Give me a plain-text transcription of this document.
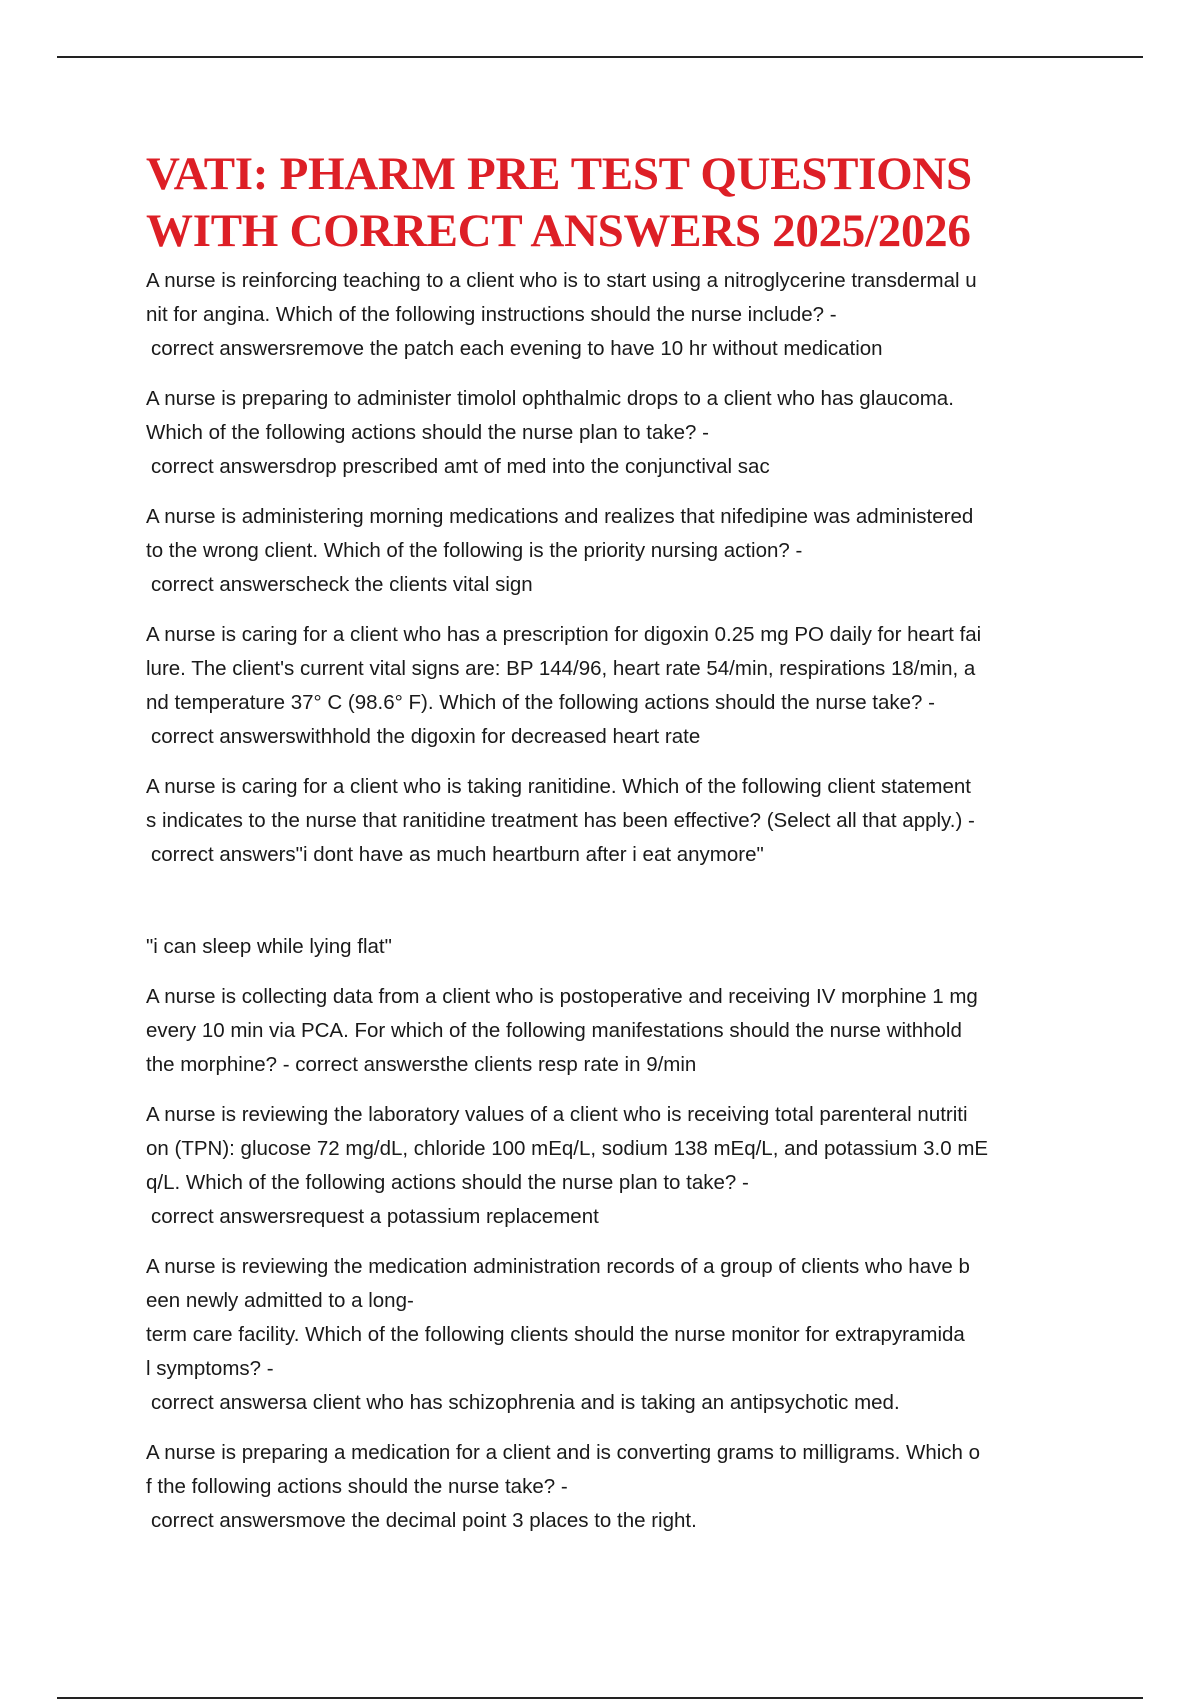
VATI: PHARM PRE TEST QUESTIONS
WITH CORRECT ANSWERS 2025/2026
A nurse is reinforcing teaching to a client who is to start using a nitroglycerine transdermal u
nit for angina. Which of the following instructions should the nurse include? -
correct answersremove the patch each evening to have 10 hr without medication
A nurse is preparing to administer timolol ophthalmic drops to a client who has glaucoma.
Which of the following actions should the nurse plan to take? -
correct answersdrop prescribed amt of med into the conjunctival sac
A nurse is administering morning medications and realizes that nifedipine was administered
to the wrong client. Which of the following is the priority nursing action? -
correct answerscheck the clients vital sign
A nurse is caring for a client who has a prescription for digoxin 0.25 mg PO daily for heart fai
lure. The client's current vital signs are: BP 144/96, heart rate 54/min, respirations 18/min, a
nd temperature 37° C (98.6° F). Which of the following actions should the nurse take? -
correct answerswithhold the digoxin for decreased heart rate
A nurse is caring for a client who is taking ranitidine. Which of the following client statement
s indicates to the nurse that ranitidine treatment has been effective? (Select all that apply.) -
correct answers"i dont have as much heartburn after i eat anymore"
"i can sleep while lying flat"
A nurse is collecting data from a client who is postoperative and receiving IV morphine 1 mg
every 10 min via PCA. For which of the following manifestations should the nurse withhold
the morphine? - correct answersthe clients resp rate in 9/min
A nurse is reviewing the laboratory values of a client who is receiving total parenteral nutriti
on (TPN): glucose 72 mg/dL, chloride 100 mEq/L, sodium 138 mEq/L, and potassium 3.0 mE
q/L. Which of the following actions should the nurse plan to take? -
correct answersrequest a potassium replacement
A nurse is reviewing the medication administration records of a group of clients who have b
een newly admitted to a long-
term care facility. Which of the following clients should the nurse monitor for extrapyramida
l symptoms? -
correct answersa client who has schizophrenia and is taking an antipsychotic med.
A nurse is preparing a medication for a client and is converting grams to milligrams. Which o
f the following actions should the nurse take? -
correct answersmove the decimal point 3 places to the right.
